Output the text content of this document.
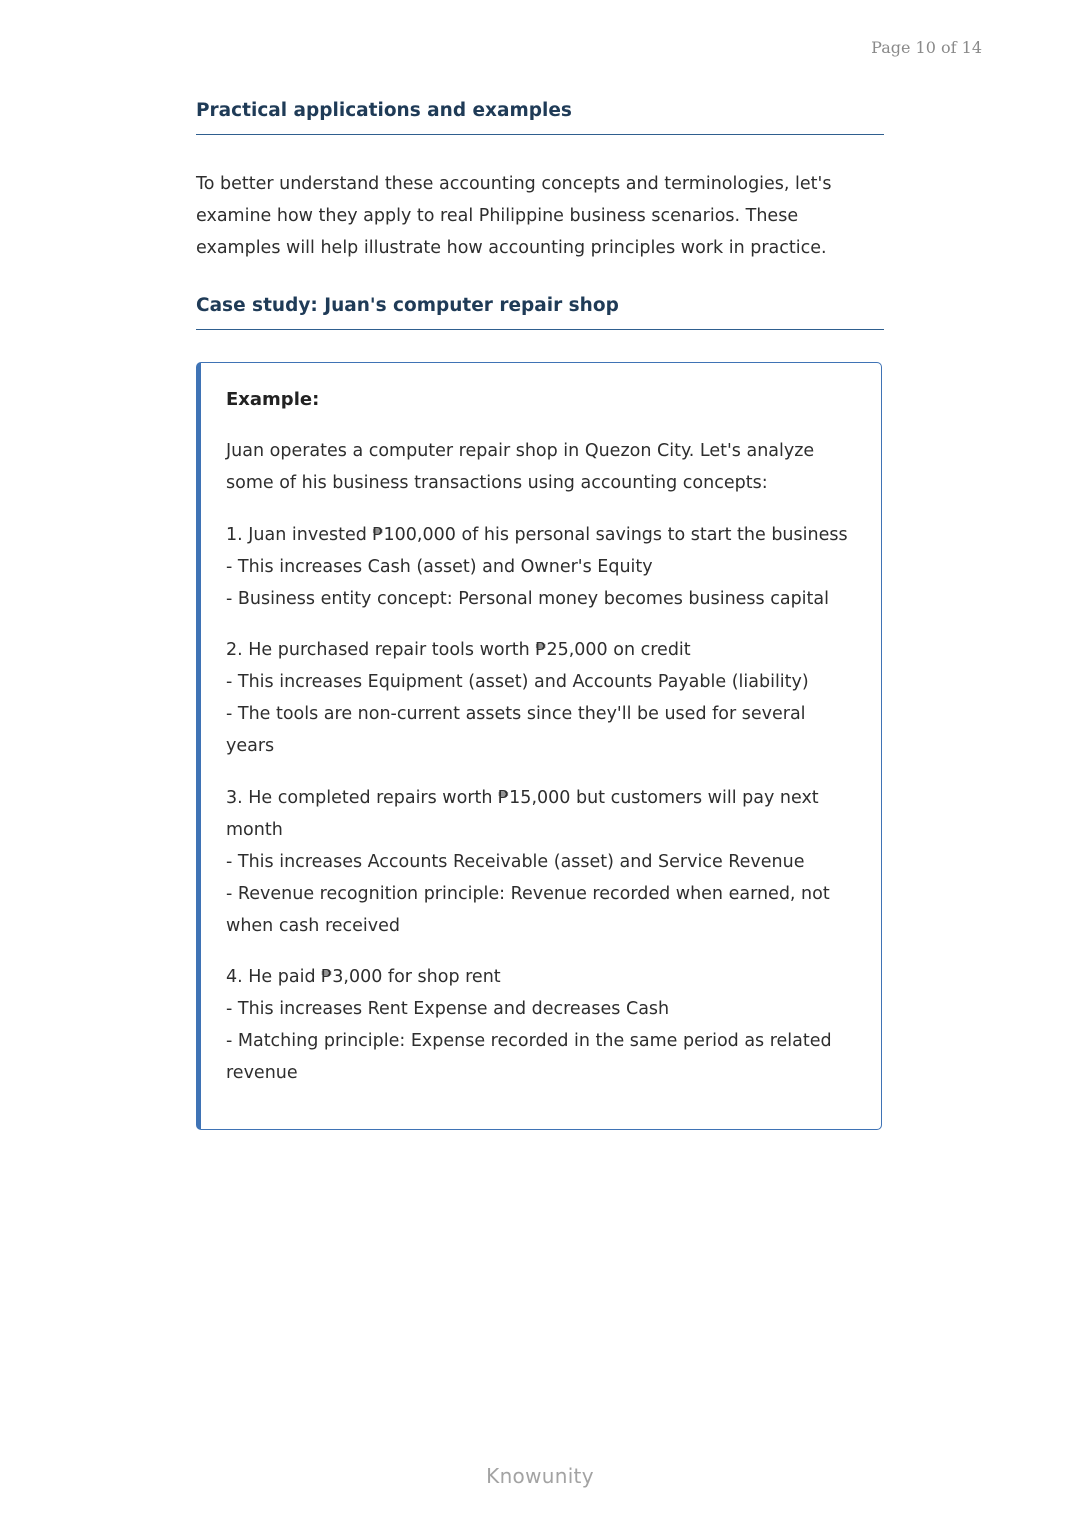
Page 10 of 14
Practical applications and examples
To better understand these accounting concepts and terminologies, let's
examine how they apply to real Philippine business scenarios. These
examples will help illustrate how accounting principles work in practice.
Case study: Juan's computer repair shop
Example:
Juan operates a computer repair shop in Quezon City. Let's analyze
some of his business transactions using accounting concepts:
1. Juan invested ₱100,000 of his personal savings to start the business
- This increases Cash (asset) and Owner's Equity
- Business entity concept: Personal money becomes business capital
2. He purchased repair tools worth ₱25,000 on credit
- This increases Equipment (asset) and Accounts Payable (liability)
- The tools are non-current assets since they'll be used for several
years
3. He completed repairs worth ₱15,000 but customers will pay next
month
- This increases Accounts Receivable (asset) and Service Revenue
- Revenue recognition principle: Revenue recorded when earned, not
when cash received
4. He paid ₱3,000 for shop rent
- This increases Rent Expense and decreases Cash
- Matching principle: Expense recorded in the same period as related
revenue
Knowunity
